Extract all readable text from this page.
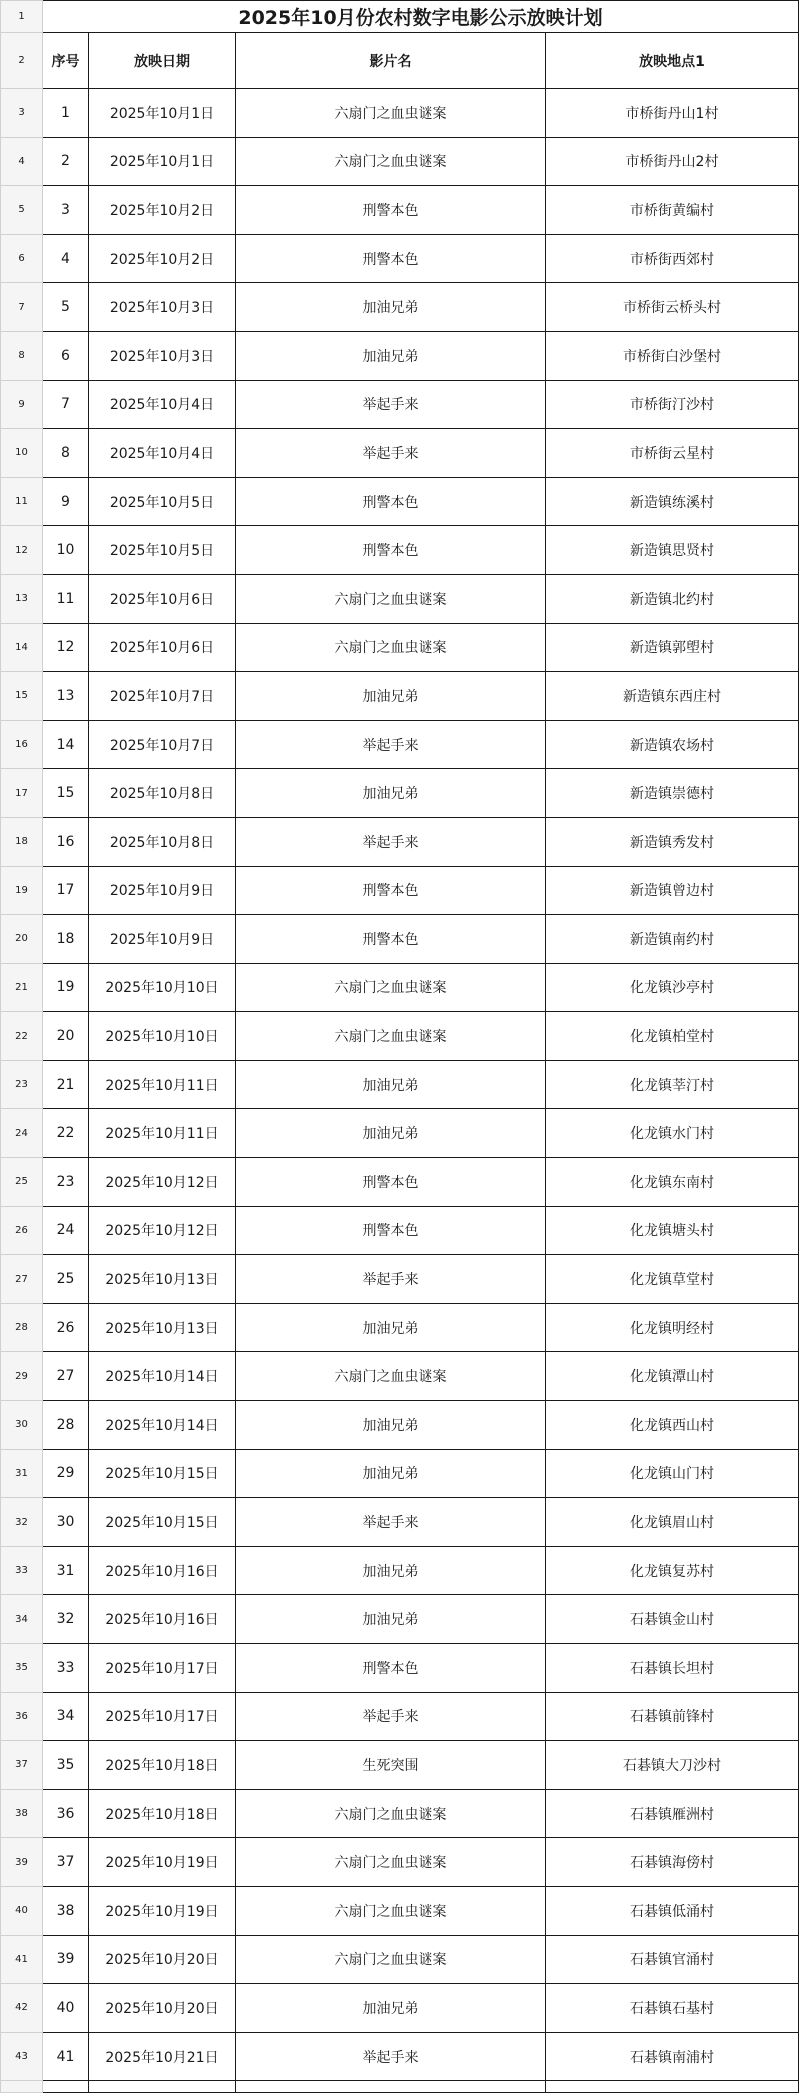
1	2025年10月份农村数字电影公示放映计划				
2	序号	放映日期	影片名	放映地点1	
3	1	2025年10月1日	六扇门之血虫谜案	市桥街丹山1村	
4	2	2025年10月1日	六扇门之血虫谜案	市桥街丹山2村	
5	3	2025年10月2日	刑警本色	市桥街黄编村	
6	4	2025年10月2日	刑警本色	市桥街西郊村	
7	5	2025年10月3日	加油兄弟	市桥街云桥头村	
8	6	2025年10月3日	加油兄弟	市桥街白沙堡村	
9	7	2025年10月4日	举起手来	市桥街汀沙村	
10	8	2025年10月4日	举起手来	市桥街云星村	
11	9	2025年10月5日	刑警本色	新造镇练溪村	
12	10	2025年10月5日	刑警本色	新造镇思贤村	
13	11	2025年10月6日	六扇门之血虫谜案	新造镇北约村	
14	12	2025年10月6日	六扇门之血虫谜案	新造镇郭塱村	
15	13	2025年10月7日	加油兄弟	新造镇东西庄村	
16	14	2025年10月7日	举起手来	新造镇农场村	
17	15	2025年10月8日	加油兄弟	新造镇崇德村	
18	16	2025年10月8日	举起手来	新造镇秀发村	
19	17	2025年10月9日	刑警本色	新造镇曾边村	
20	18	2025年10月9日	刑警本色	新造镇南约村	
21	19	2025年10月10日	六扇门之血虫谜案	化龙镇沙亭村	
22	20	2025年10月10日	六扇门之血虫谜案	化龙镇柏堂村	
23	21	2025年10月11日	加油兄弟	化龙镇莘汀村	
24	22	2025年10月11日	加油兄弟	化龙镇水门村	
25	23	2025年10月12日	刑警本色	化龙镇东南村	
26	24	2025年10月12日	刑警本色	化龙镇塘头村	
27	25	2025年10月13日	举起手来	化龙镇草堂村	
28	26	2025年10月13日	加油兄弟	化龙镇明经村	
29	27	2025年10月14日	六扇门之血虫谜案	化龙镇潭山村	
30	28	2025年10月14日	加油兄弟	化龙镇西山村	
31	29	2025年10月15日	加油兄弟	化龙镇山门村	
32	30	2025年10月15日	举起手来	化龙镇眉山村	
33	31	2025年10月16日	加油兄弟	化龙镇复苏村	
34	32	2025年10月16日	加油兄弟	石碁镇金山村	
35	33	2025年10月17日	刑警本色	石碁镇长坦村	
36	34	2025年10月17日	举起手来	石碁镇前锋村	
37	35	2025年10月18日	生死突围	石碁镇大刀沙村	
38	36	2025年10月18日	六扇门之血虫谜案	石碁镇雁洲村	
39	37	2025年10月19日	六扇门之血虫谜案	石碁镇海傍村	
40	38	2025年10月19日	六扇门之血虫谜案	石碁镇低涌村	
41	39	2025年10月20日	六扇门之血虫谜案	石碁镇官涌村	
42	40	2025年10月20日	加油兄弟	石碁镇石基村	
43	41	2025年10月21日	举起手来	石碁镇南浦村	
